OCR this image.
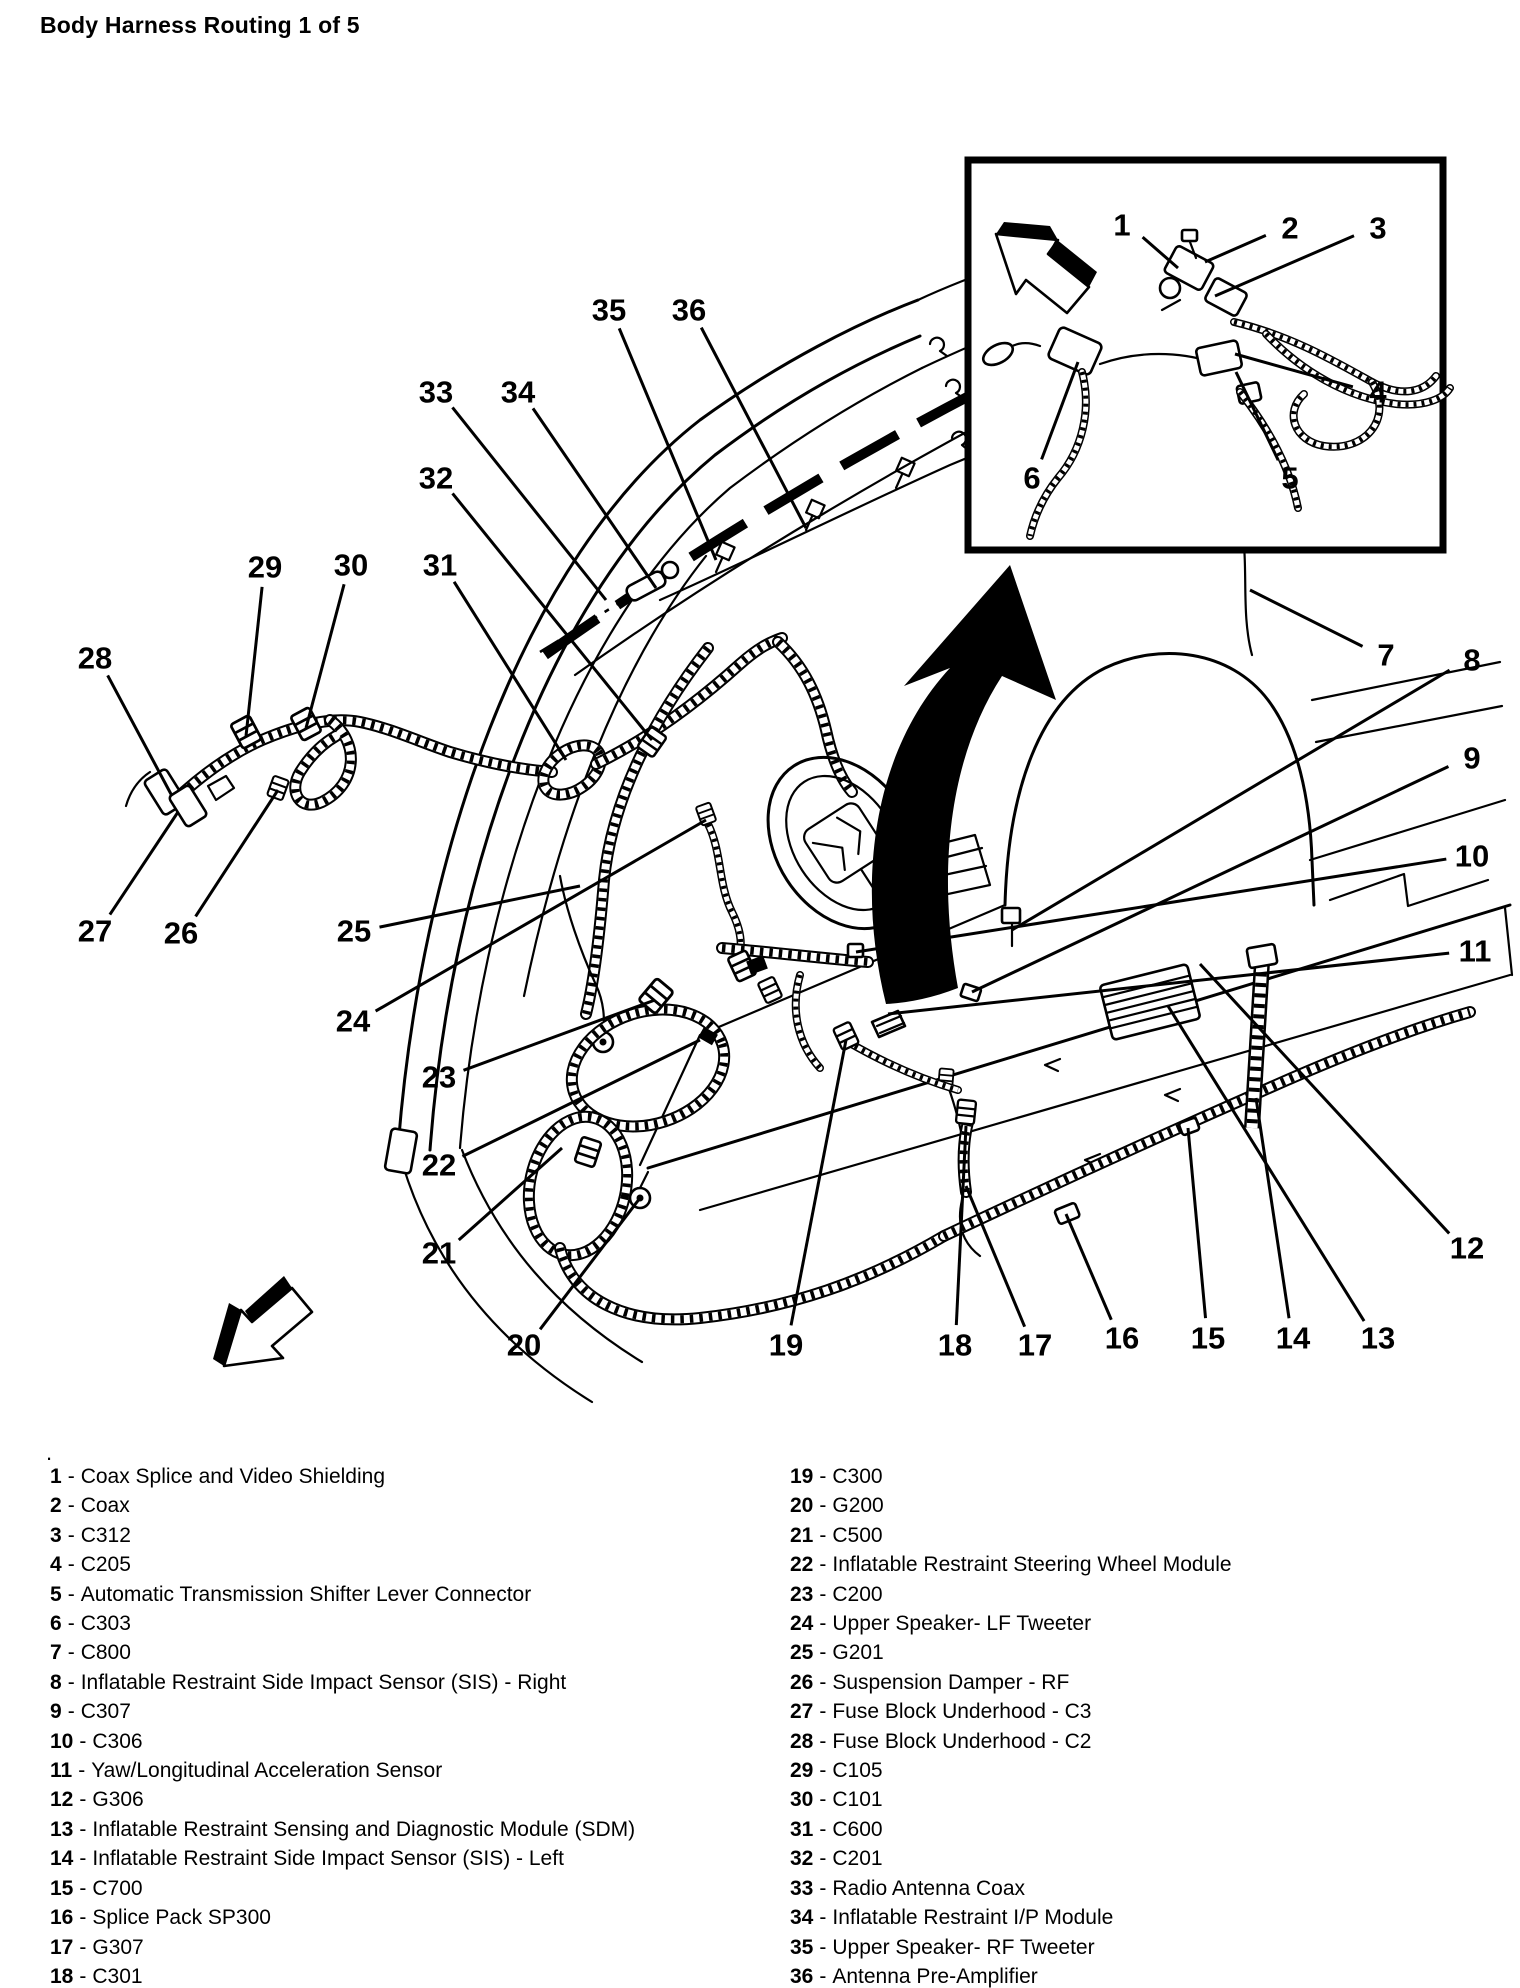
Body Harness Routing 1 of 5
1	2 3
4
5
6
7 8
9
10
11
12
13
14
15
16
17
18
19
20
21
22
23
24
25
26
27
28
29 30 31
32
33 34
35 36
1 - Coax Splice and Video Shielding
2 - Coax
3 - C312
4 - C205
5 - Automatic Transmission Shifter Lever Connector
6 - C303
7 - C800
8 - Inflatable Restraint Side Impact Sensor (SIS) - Right
9 - C307
10 - C306
11 - Yaw/Longitudinal Acceleration Sensor
12 - G306
13 - Inflatable Restraint Sensing and Diagnostic Module (SDM)
14 - Inflatable Restraint Side Impact Sensor (SIS) - Left
15 - C700
16 - Splice Pack SP300
17 - G307
18 - C301
19 - C300
20 - G200
21 - C500
22 - Inflatable Restraint Steering Wheel Module
23 - C200
24 - Upper Speaker- LF Tweeter
25 - G201
26 - Suspension Damper - RF
27 - Fuse Block Underhood - C3
28 - Fuse Block Underhood - C2
29 - C105
30 - C101
31 - C600
32 - C201
33 - Radio Antenna Coax
34 - Inflatable Restraint I/P Module
35 - Upper Speaker- RF Tweeter
36 - Antenna Pre-Amplifier
.
